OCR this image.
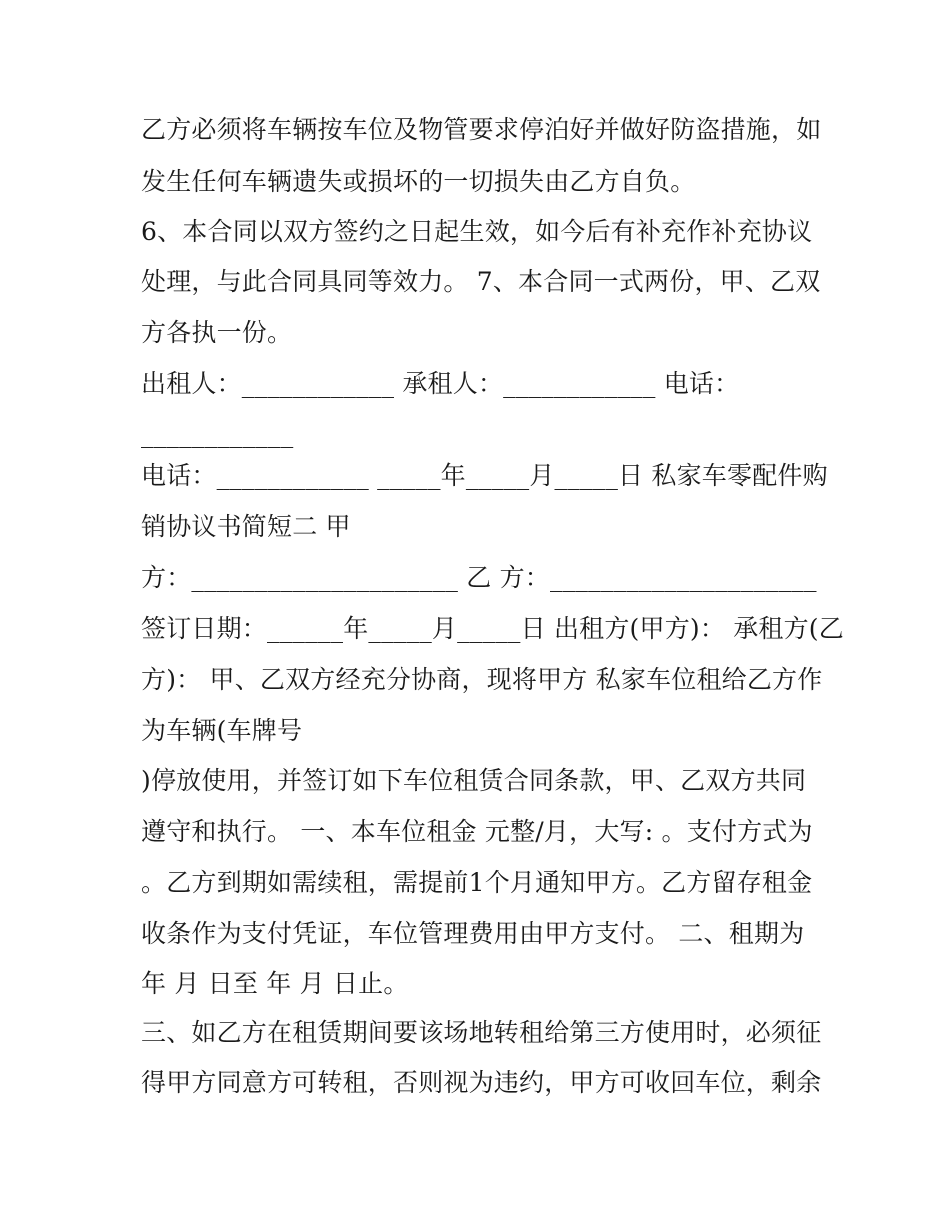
乙方必须将车辆按车位及物管要求停泊好并做好防盗措施，如
发生任何车辆遗失或损坏的一切损失由乙方自负。
6、本合同以双方签约之日起生效，如今后有补充作补充协议
处理，与此合同具同等效力。 7、本合同一式两份，甲、乙双
方各执一份。
出租人：____________ 承租人：____________ 电话：
____________
电话：____________ _____年_____月_____日 私家车零配件购
销协议书简短二 甲
方：_____________________ 乙 方：_____________________
签订日期：______年_____月_____日 出租方(甲方)： 承租方(乙
方)： 甲、乙双方经充分协商，现将甲方 私家车位租给乙方作
为车辆(车牌号
)停放使用，并签订如下车位租赁合同条款，甲、乙双方共同
遵守和执行。 一、本车位租金 元整/月，大写: 。支付方式为
。乙方到期如需续租，需提前1个月通知甲方。乙方留存租金
收条作为支付凭证，车位管理费用由甲方支付。 二、租期为
年 月 日至 年 月 日止。
三、如乙方在租赁期间要该场地转租给第三方使用时，必须征
得甲方同意方可转租，否则视为违约，甲方可收回车位，剩余
